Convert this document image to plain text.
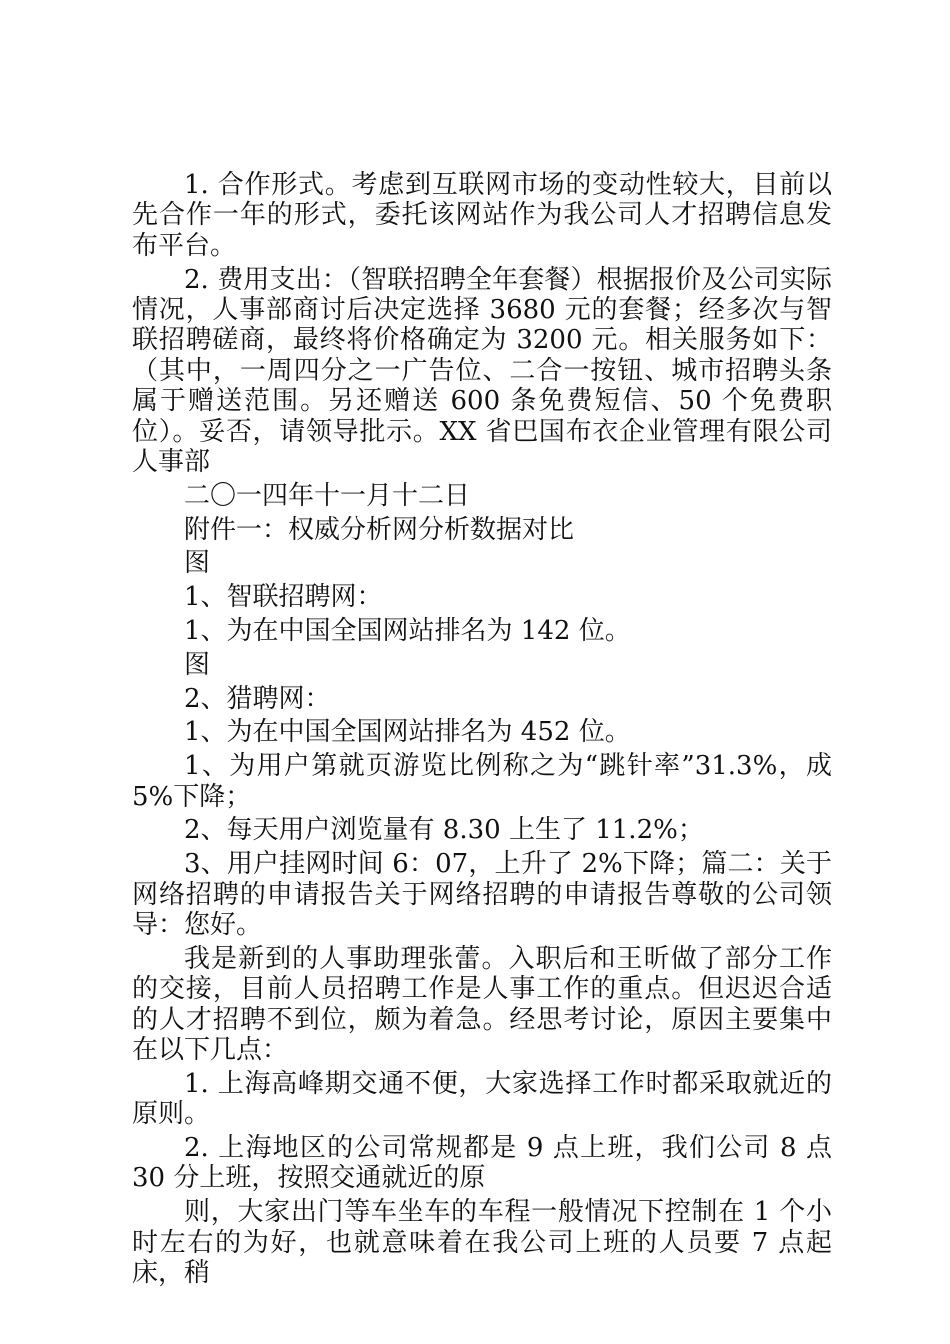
1. 合作形式。考虑到互联网市场的变动性较大，目前以先合作一年的形式，委托该网站作为我公司人才招聘信息发布平台。

2. 费用支出：（智联招聘全年套餐）根据报价及公司实际情况，人事部商讨后决定选择 3680 元的套餐；经多次与智联招聘磋商，最终将价格确定为 3200 元。相关服务如下：（其中，一周四分之一广告位、二合一按钮、城市招聘头条属于赠送范围。另还赠送 600 条免费短信、50 个免费职位）。妥否，请领导批示。XX 省巴国布衣企业管理有限公司人事部

二〇一四年十一月十二日

附件一：权威分析网分析数据对比

图

1、智联招聘网：

1、为在中国全国网站排名为 142 位。

图

2、猎聘网：

1、为在中国全国网站排名为 452 位。

1、为用户第就页游览比例称之为“跳针率”31.3%，成 5%下降；

2、每天用户浏览量有 8.30 上生了 11.2%；

3、用户挂网时间 6：07，上升了 2%下降；篇二：关于网络招聘的申请报告关于网络招聘的申请报告尊敬的公司领导：您好。

我是新到的人事助理张蕾。入职后和王昕做了部分工作的交接，目前人员招聘工作是人事工作的重点。但迟迟合适的人才招聘不到位，颇为着急。经思考讨论，原因主要集中在以下几点：

1. 上海高峰期交通不便，大家选择工作时都采取就近的原则。

2. 上海地区的公司常规都是 9 点上班，我们公司 8 点 30 分上班，按照交通就近的原

则，大家出门等车坐车的车程一般情况下控制在 1 个小时左右的为好，也就意味着在我公司上班的人员要 7 点起床，稍
